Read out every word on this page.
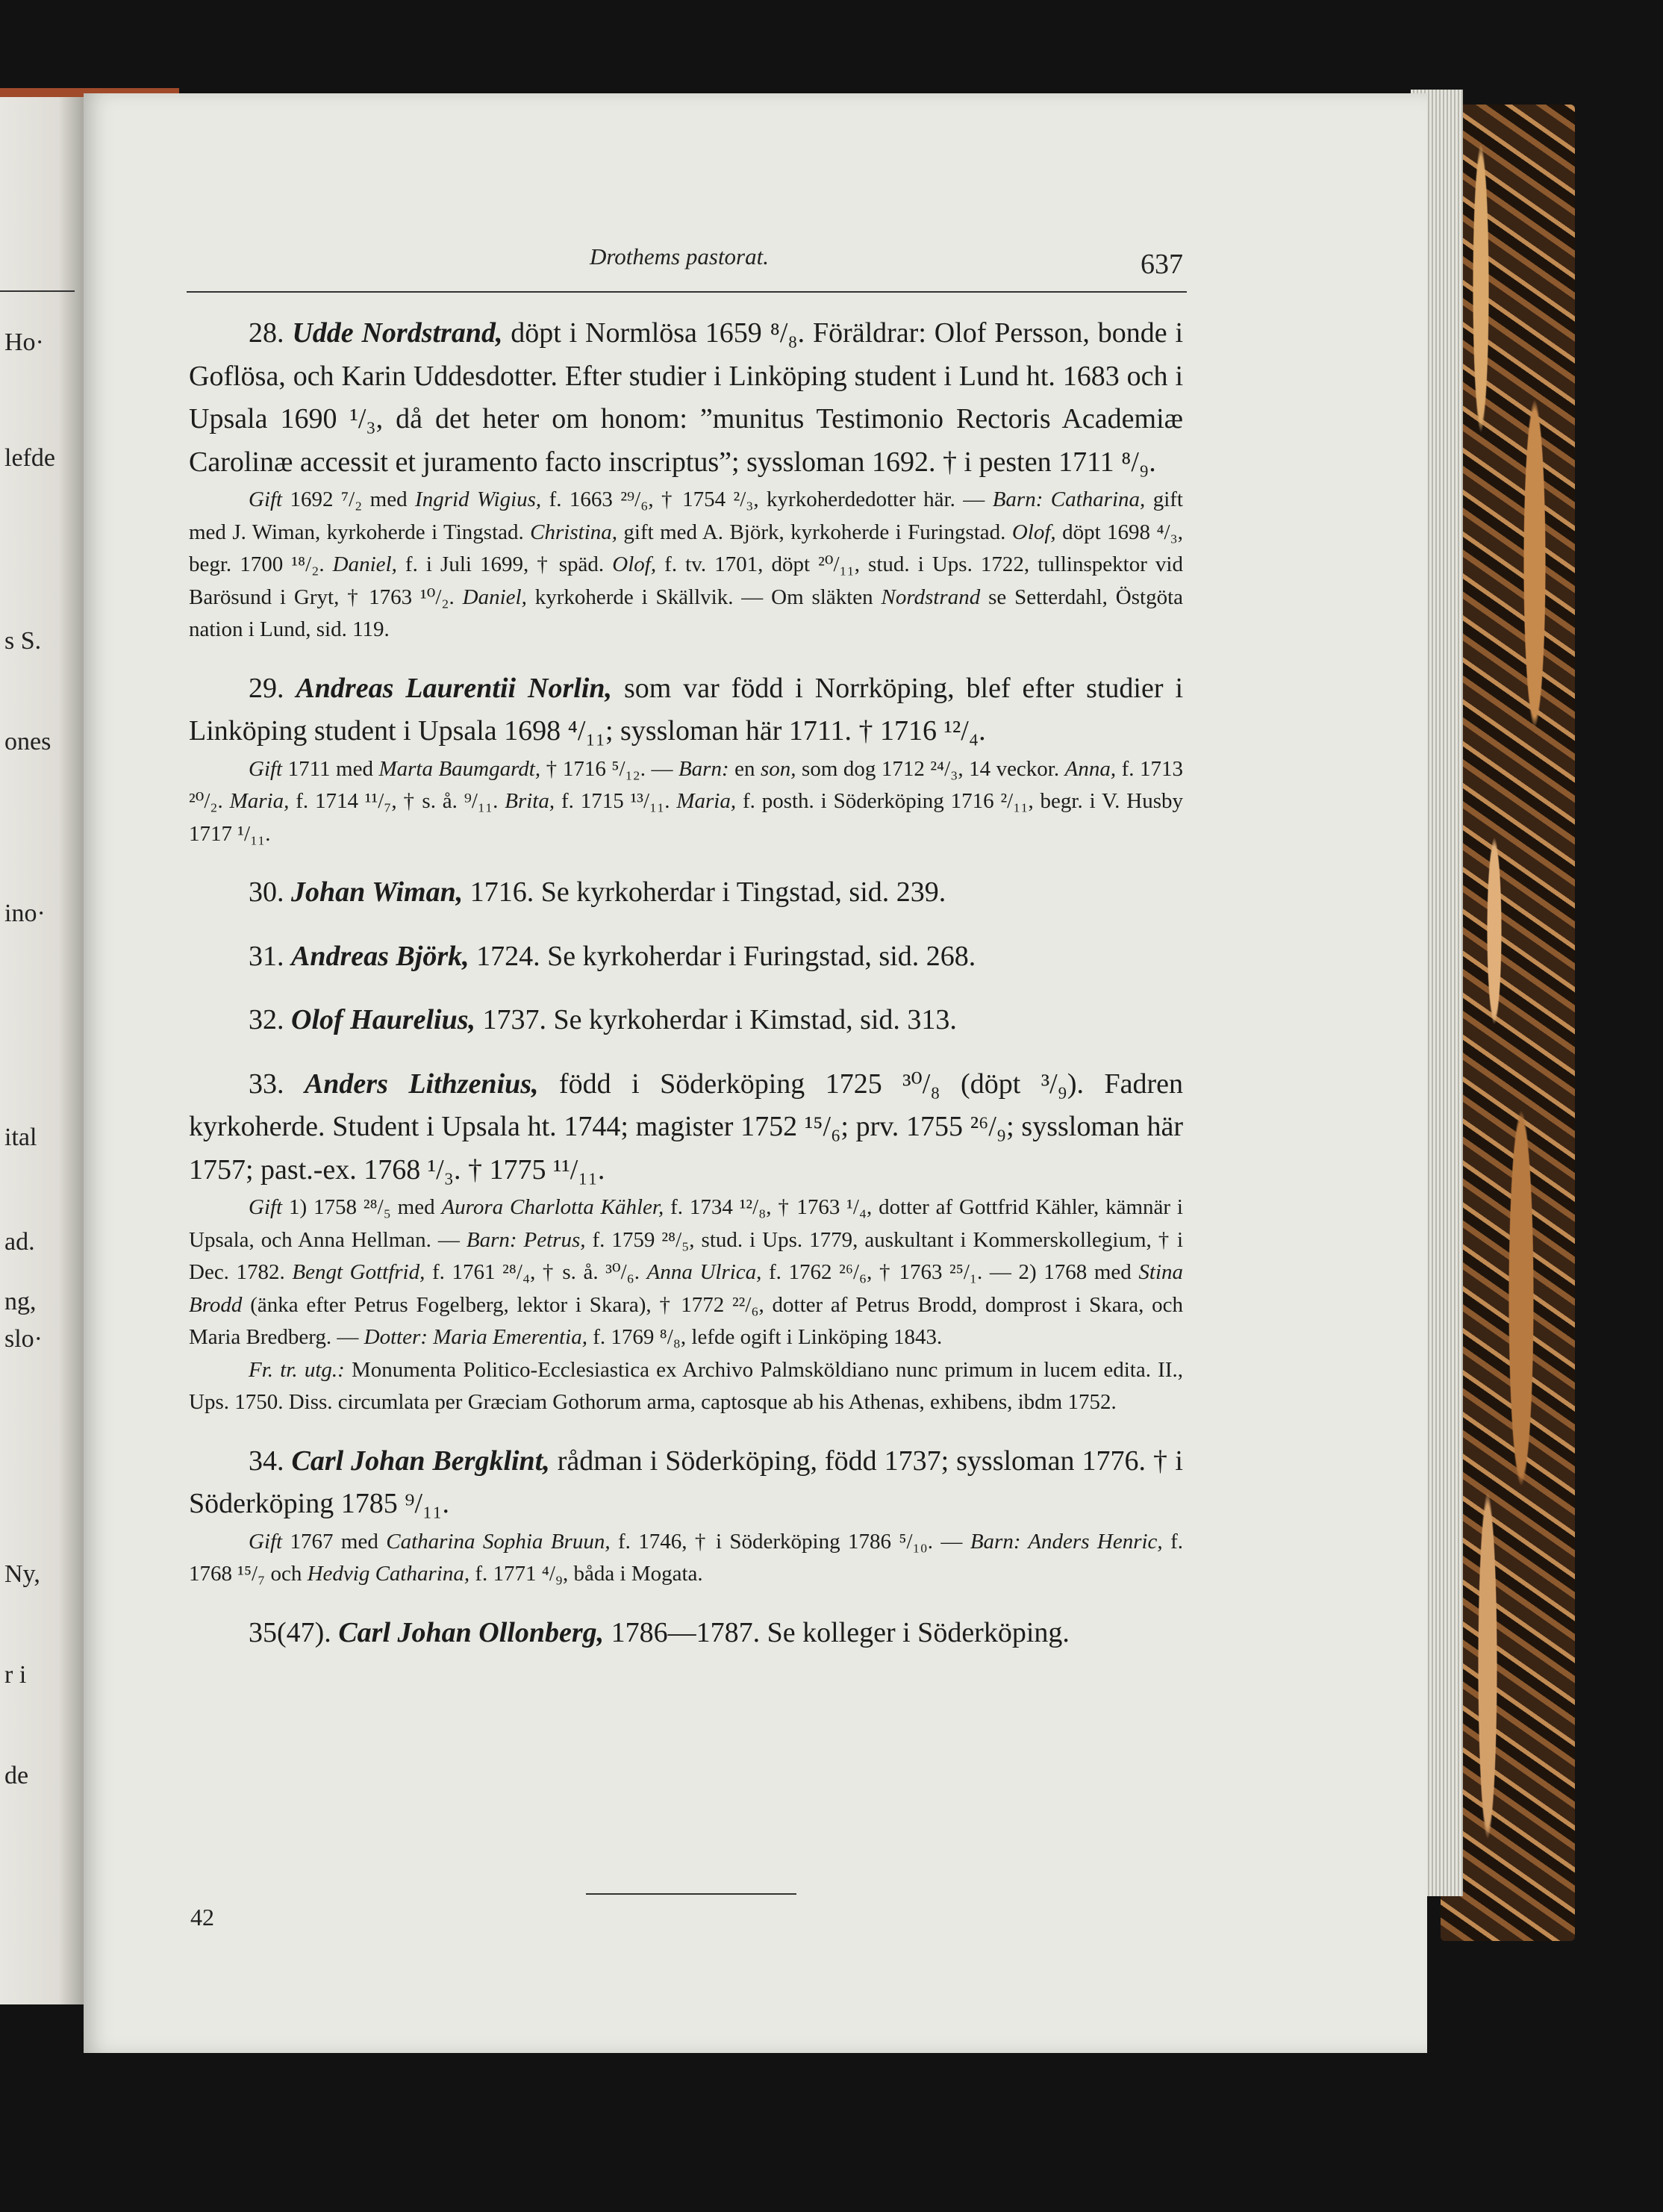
Ho·
lefde
s S.
ones
ino·
ital
ad.
ng,
slo·
Ny,
r i
de
Drothems pastorat.	637

28. Udde Nordstrand, döpt i Normlösa 1659 ⁸/₈. Föräldrar: Olof Persson, bonde i Goflösa, och Karin Uddesdotter. Efter studier i Linköping student i Lund ht. 1683 och i Upsala 1690 ¹/₃, då det heter om honom: ”munitus Testimonio Rectoris Academiæ Carolinæ accessit et juramento facto inscriptus”; syssloman 1692. † i pesten 1711 ⁸/₉.

Gift 1692 ⁷/₂ med Ingrid Wigius, f. 1663 ²⁹/₆, † 1754 ²/₃, kyrkoherdedotter här. — Barn: Catharina, gift med J. Wiman, kyrkoherde i Tingstad. Christina, gift med A. Björk, kyrkoherde i Furingstad. Olof, döpt 1698 ⁴/₃, begr. 1700 ¹⁸/₂. Daniel, f. i Juli 1699, † späd. Olof, f. tv. 1701, döpt ²⁰/₁₁, stud. i Ups. 1722, tullinspektor vid Barösund i Gryt, † 1763 ¹⁰/₂. Daniel, kyrkoherde i Skällvik. — Om släkten Nordstrand se Setterdahl, Östgöta nation i Lund, sid. 119.

29. Andreas Laurentii Norlin, som var född i Norrköping, blef efter studier i Linköping student i Upsala 1698 ⁴/₁₁; syssloman här 1711. † 1716 ¹²/₄.

Gift 1711 med Marta Baumgardt, † 1716 ⁵/₁₂. — Barn: en son, som dog 1712 ²⁴/₃, 14 veckor. Anna, f. 1713 ²⁰/₂. Maria, f. 1714 ¹¹/₇, † s. å. ⁹/₁₁. Brita, f. 1715 ¹³/₁₁. Maria, f. posth. i Söderköping 1716 ²/₁₁, begr. i V. Husby 1717 ¹/₁₁.

30. Johan Wiman, 1716. Se kyrkoherdar i Tingstad, sid. 239.

31. Andreas Björk, 1724. Se kyrkoherdar i Furingstad, sid. 268.

32. Olof Haurelius, 1737. Se kyrkoherdar i Kimstad, sid. 313.

33. Anders Lithzenius, född i Söderköping 1725 ³⁰/₈ (döpt ³/₉). Fadren kyrkoherde. Student i Upsala ht. 1744; magister 1752 ¹⁵/₆; prv. 1755 ²⁶/₉; syssloman här 1757; past.-ex. 1768 ¹/₃. † 1775 ¹¹/₁₁.

Gift 1) 1758 ²⁸/₅ med Aurora Charlotta Kähler, f. 1734 ¹²/₈, † 1763 ¹/₄, dotter af Gottfrid Kähler, kämnär i Upsala, och Anna Hellman. — Barn: Petrus, f. 1759 ²⁸/₅, stud. i Ups. 1779, auskultant i Kommerskollegium, † i Dec. 1782. Bengt Gottfrid, f. 1761 ²⁸/₄, † s. å. ³⁰/₆. Anna Ulrica, f. 1762 ²⁶/₆, † 1763 ²⁵/₁. — 2) 1768 med Stina Brodd (änka efter Petrus Fogelberg, lektor i Skara), † 1772 ²²/₆, dotter af Petrus Brodd, domprost i Skara, och Maria Bredberg. — Dotter: Maria Emerentia, f. 1769 ⁸/₈, lefde ogift i Linköping 1843.

Fr. tr. utg.: Monumenta Politico-Ecclesiastica ex Archivo Palmsköldiano nunc primum in lucem edita. II., Ups. 1750. Diss. circumlata per Græciam Gothorum arma, captosque ab his Athenas, exhibens, ibdm 1752.

34. Carl Johan Bergklint, rådman i Söderköping, född 1737; syssloman 1776. † i Söderköping 1785 ⁹/₁₁.

Gift 1767 med Catharina Sophia Bruun, f. 1746, † i Söderköping 1786 ⁵/₁₀. — Barn: Anders Henric, f. 1768 ¹⁵/₇ och Hedvig Catharina, f. 1771 ⁴/₉, båda i Mogata.

35(47). Carl Johan Ollonberg, 1786—1787. Se kolleger i Söderköping.

42
